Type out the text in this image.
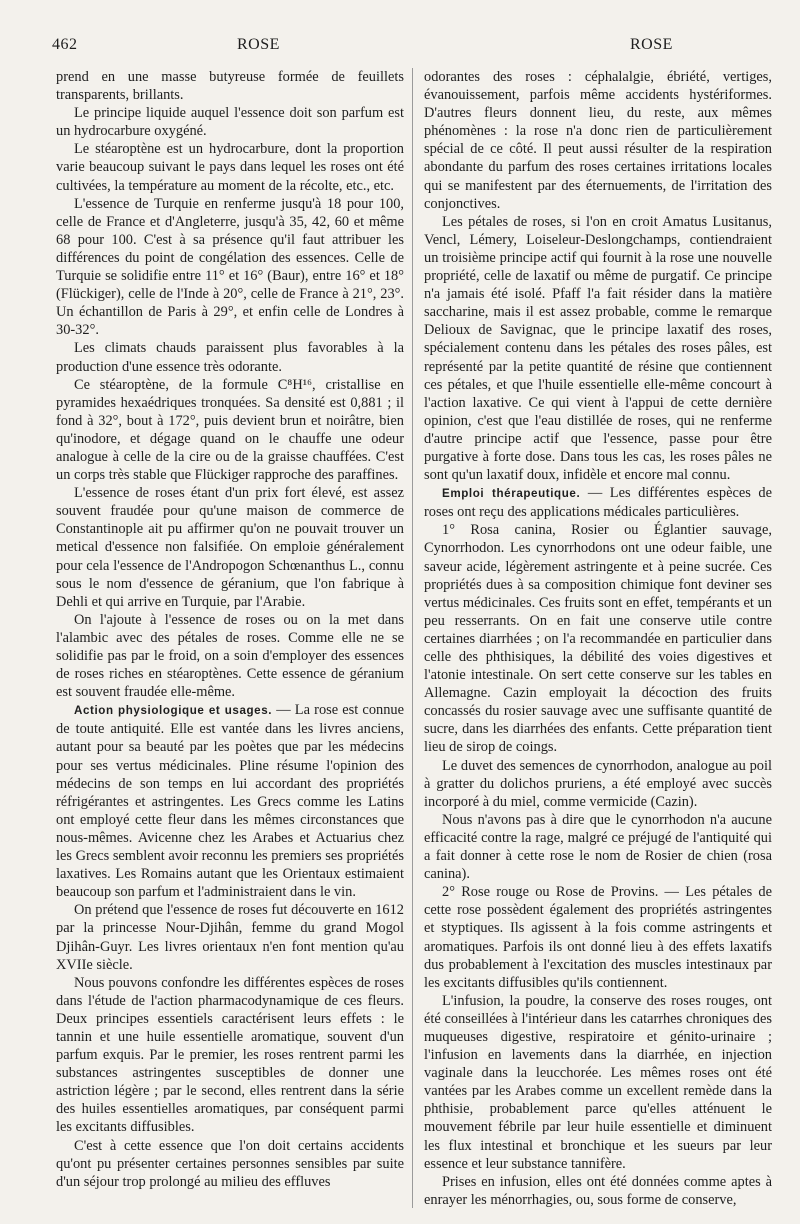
462	ROSE	ROSE

prend en une masse butyreuse formée de feuillets transparents, brillants.

Le principe liquide auquel l'essence doit son parfum est un hydrocarbure oxygéné.

Le stéaroptène est un hydrocarbure, dont la proportion varie beaucoup suivant le pays dans lequel les roses ont été cultivées, la température au moment de la récolte, etc., etc.

L'essence de Turquie en renferme jusqu'à 18 pour 100, celle de France et d'Angleterre, jusqu'à 35, 42, 60 et même 68 pour 100. C'est à sa présence qu'il faut attribuer les différences du point de congélation des essences. Celle de Turquie se solidifie entre 11° et 16° (Baur), entre 16° et 18° (Flückiger), celle de l'Inde à 20°, celle de France à 21°, 23°. Un échantillon de Paris à 29°, et enfin celle de Londres à 30-32°.

Les climats chauds paraissent plus favorables à la production d'une essence très odorante.

Ce stéaroptène, de la formule C⁸H¹⁶, cristallise en pyramides hexaédriques tronquées. Sa densité est 0,881 ; il fond à 32°, bout à 172°, puis devient brun et noirâtre, bien qu'inodore, et dégage quand on le chauffe une odeur analogue à celle de la cire ou de la graisse chauffées. C'est un corps très stable que Flückiger rapproche des paraffines.

L'essence de roses étant d'un prix fort élevé, est assez souvent fraudée pour qu'une maison de commerce de Constantinople ait pu affirmer qu'on ne pouvait trouver un metical d'essence non falsifiée. On emploie généralement pour cela l'essence de l'Andropogon Schœnanthus L., connu sous le nom d'essence de géranium, que l'on fabrique à Dehli et qui arrive en Turquie, par l'Arabie.

On l'ajoute à l'essence de roses ou on la met dans l'alambic avec des pétales de roses. Comme elle ne se solidifie pas par le froid, on a soin d'employer des essences de roses riches en stéaroptènes. Cette essence de géranium est souvent fraudée elle-même.

Action physiologique et usages. — La rose est connue de toute antiquité. Elle est vantée dans les livres anciens, autant pour sa beauté par les poètes que par les médecins pour ses vertus médicinales. Pline résume l'opinion des médecins de son temps en lui accordant des propriétés réfrigérantes et astringentes. Les Grecs comme les Latins ont employé cette fleur dans les mêmes circonstances que nous-mêmes. Avicenne chez les Arabes et Actuarius chez les Grecs semblent avoir reconnu les premiers ses propriétés laxatives. Les Romains autant que les Orientaux estimaient beaucoup son parfum et l'administraient dans le vin.

On prétend que l'essence de roses fut découverte en 1612 par la princesse Nour-Djihân, femme du grand Mogol Djihân-Guyr. Les livres orientaux n'en font mention qu'au XVIIe siècle.

Nous pouvons confondre les différentes espèces de roses dans l'étude de l'action pharmacodynamique de ces fleurs. Deux principes essentiels caractérisent leurs effets : le tannin et une huile essentielle aromatique, souvent d'un parfum exquis. Par le premier, les roses rentrent parmi les substances astringentes susceptibles de donner une astriction légère ; par le second, elles rentrent dans la série des huiles essentielles aromatiques, par conséquent parmi les excitants diffusibles.

C'est à cette essence que l'on doit certains accidents qu'ont pu présenter certaines personnes sensibles par suite d'un séjour trop prolongé au milieu des effluves

odorantes des roses : céphalalgie, ébriété, vertiges, évanouissement, parfois même accidents hystériformes. D'autres fleurs donnent lieu, du reste, aux mêmes phénomènes : la rose n'a donc rien de particulièrement spécial de ce côté. Il peut aussi résulter de la respiration abondante du parfum des roses certaines irritations locales qui se manifestent par des éternuements, de l'irritation des conjonctives.

Les pétales de roses, si l'on en croit Amatus Lusitanus, Vencl, Lémery, Loiseleur-Deslongchamps, contiendraient un troisième principe actif qui fournit à la rose une nouvelle propriété, celle de laxatif ou même de purgatif. Ce principe n'a jamais été isolé. Pfaff l'a fait résider dans la matière saccharine, mais il est assez probable, comme le remarque Delioux de Savignac, que le principe laxatif des roses, spécialement contenu dans les pétales des roses pâles, est représenté par la petite quantité de résine que contiennent ces pétales, et que l'huile essentielle elle-même concourt à l'action laxative. Ce qui vient à l'appui de cette dernière opinion, c'est que l'eau distillée de roses, qui ne renferme d'autre principe actif que l'essence, passe pour être purgative à forte dose. Dans tous les cas, les roses pâles ne sont qu'un laxatif doux, infidèle et encore mal connu.

Emploi thérapeutique. — Les différentes espèces de roses ont reçu des applications médicales particulières.

1° Rosa canina, Rosier ou Églantier sauvage, Cynorrhodon. Les cynorrhodons ont une odeur faible, une saveur acide, légèrement astringente et à peine sucrée. Ces propriétés dues à sa composition chimique font deviner ses vertus médicinales. Ces fruits sont en effet, tempérants et un peu resserrants. On en fait une conserve utile contre certaines diarrhées ; on l'a recommandée en particulier dans celle des phthisiques, la débilité des voies digestives et l'atonie intestinale. On sert cette conserve sur les tables en Allemagne. Cazin employait la décoction des fruits concassés du rosier sauvage avec une suffisante quantité de sucre, dans les diarrhées des enfants. Cette préparation tient lieu de sirop de coings.

Le duvet des semences de cynorrhodon, analogue au poil à gratter du dolichos pruriens, a été employé avec succès incorporé à du miel, comme vermicide (Cazin).

Nous n'avons pas à dire que le cynorrhodon n'a aucune efficacité contre la rage, malgré ce préjugé de l'antiquité qui a fait donner à cette rose le nom de Rosier de chien (rosa canina).

2° Rose rouge ou Rose de Provins. — Les pétales de cette rose possèdent également des propriétés astringentes et styptiques. Ils agissent à la fois comme astringents et aromatiques. Parfois ils ont donné lieu à des effets laxatifs dus probablement à l'excitation des muscles intestinaux par les excitants diffusibles qu'ils contiennent.

L'infusion, la poudre, la conserve des roses rouges, ont été conseillées à l'intérieur dans les catarrhes chroniques des muqueuses digestive, respiratoire et génito-urinaire ; l'infusion en lavements dans la diarrhée, en injection vaginale dans la leucchorée. Les mêmes roses ont été vantées par les Arabes comme un excellent remède dans la phthisie, probablement parce qu'elles atténuent le mouvement fébrile par leur huile essentielle et diminuent les flux intestinal et bronchique et les sueurs par leur essence et leur substance tannifère.

Prises en infusion, elles ont été données comme aptes à enrayer les ménorrhagies, ou, sous forme de conserve,
